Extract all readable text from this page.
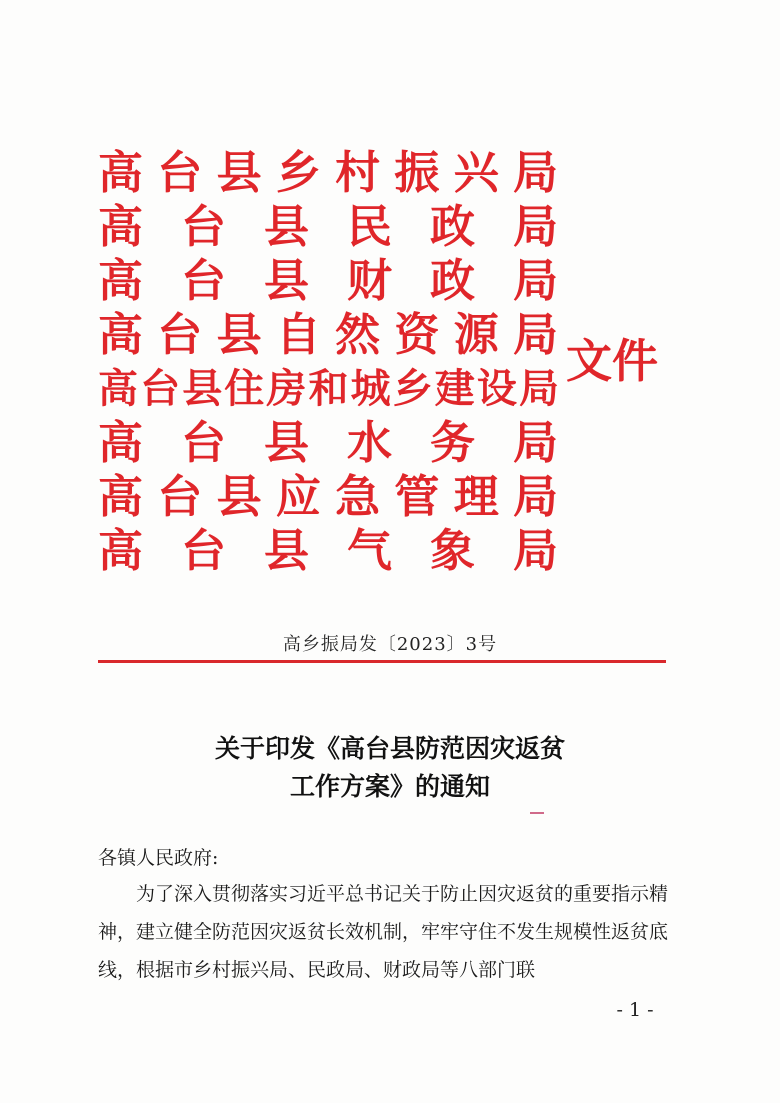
高台县乡村振兴局
高台县民政局
高台县财政局
高台县自然资源局
高台县住房和城乡建设局
高台县水务局
高台县应急管理局
高台县气象局
文件
高乡振局发〔2023〕3号
关于印发《高台县防范因灾返贫
工作方案》的通知
各镇人民政府:

为了深入贯彻落实习近平总书记关于防止因灾返贫的重要指示精神，建立健全防范因灾返贫长效机制，牢牢守住不发生规模性返贫底线，根据市乡村振兴局、民政局、财政局等八部门联

- 1 -
